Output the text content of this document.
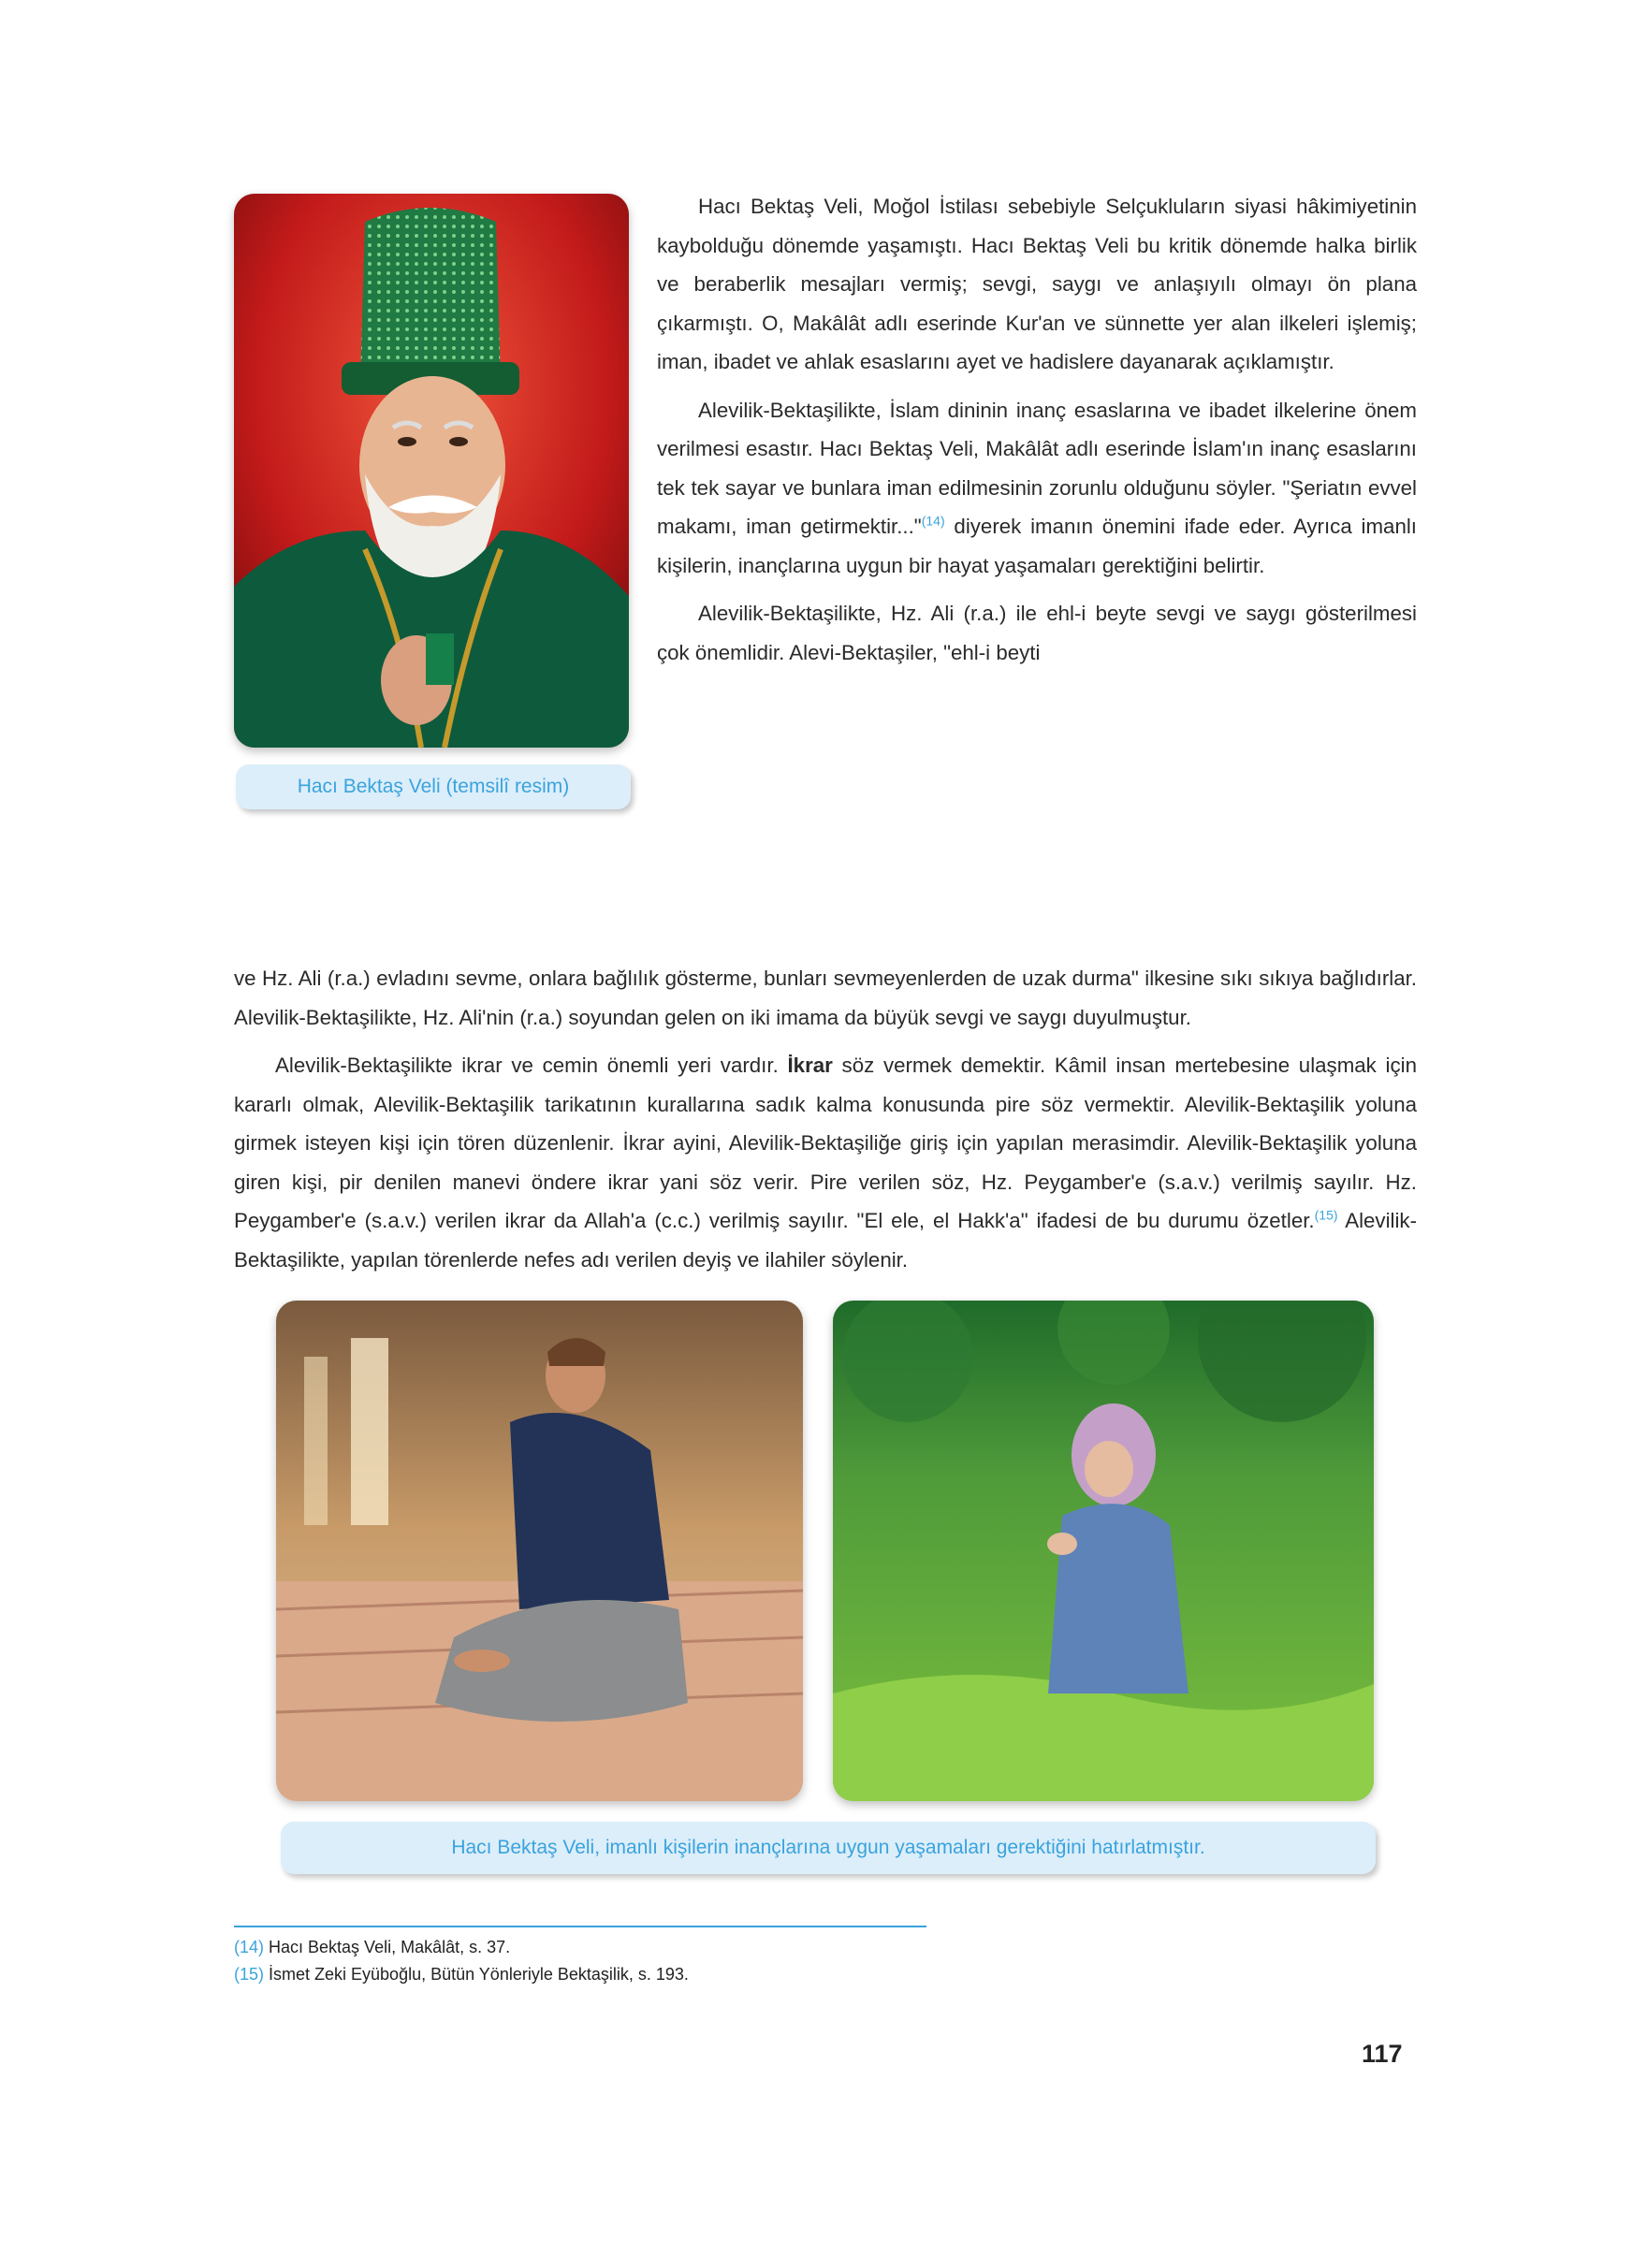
Hacı Bektaş Veli (temsilî resim)

Hacı Bektaş Veli, Moğol İstilası sebebiyle Selçukluların siyasi hâkimiyetinin kaybolduğu dönemde yaşamıştı. Hacı Bektaş Veli bu kritik dönemde halka birlik ve beraberlik mesajları vermiş; sevgi, saygı ve anlaşıyılı olmayı ön plana çıkarmıştı. O, Makâlât adlı eserinde Kur'an ve sünnette yer alan ilkeleri işlemiş; iman, ibadet ve ahlak esaslarını ayet ve hadislere dayanarak açıklamıştır.

Alevilik-Bektaşilikte, İslam dininin inanç esaslarına ve ibadet ilkelerine önem verilmesi esastır. Hacı Bektaş Veli, Makâlât adlı eserinde İslam'ın inanç esaslarını tek tek sayar ve bunlara iman edilmesinin zorunlu olduğunu söyler. "Şeriatın evvel makamı, iman getirmektir..."$^{(14)}$ diyerek imanın önemini ifade eder. Ayrıca imanlı kişilerin, inançlarına uygun bir hayat yaşamaları gerektiğini belirtir.

Alevilik-Bektaşilikte, Hz. Ali (r.a.) ile ehl-i beyte sevgi ve saygı gösterilmesi çok önemlidir. Alevi-Bektaşiler, "ehl-i beyti

ve Hz. Ali (r.a.) evladını sevme, onlara bağlılık gösterme, bunları sevmeyenlerden de uzak durma" ilkesine sıkı sıkıya bağlıdırlar. Alevilik-Bektaşilikte, Hz. Ali'nin (r.a.) soyundan gelen on iki imama da büyük sevgi ve saygı duyulmuştur.

Alevilik-Bektaşilikte ikrar ve cemin önemli yeri vardır. İkrar söz vermek demektir. Kâmil insan mertebesine ulaşmak için kararlı olmak, Alevilik-Bektaşilik tarikatının kurallarına sadık kalma konusunda pire söz vermektir. Alevilik-Bektaşilik yoluna girmek isteyen kişi için tören düzenlenir. İkrar ayini, Alevilik-Bektaşiliğe giriş için yapılan merasimdir. Alevilik-Bektaşilik yoluna giren kişi, pir denilen manevi öndere ikrar yani söz verir. Pire verilen söz, Hz. Peygamber'e (s.a.v.) verilmiş sayılır. Hz. Peygamber'e (s.a.v.) verilen ikrar da Allah'a (c.c.) verilmiş sayılır. "El ele, el Hakk'a" ifadesi de bu durumu özetler.$^{(15)}$ Alevilik-Bektaşilikte, yapılan törenlerde nefes adı verilen deyiş ve ilahiler söylenir.

Hacı Bektaş Veli, imanlı kişilerin inançlarına uygun yaşamaları gerektiğini hatırlatmıştır.
(14) Hacı Bektaş Veli, Makâlât, s. 37.
(15) İsmet Zeki Eyüboğlu, Bütün Yönleriyle Bektaşilik, s. 193.
117
